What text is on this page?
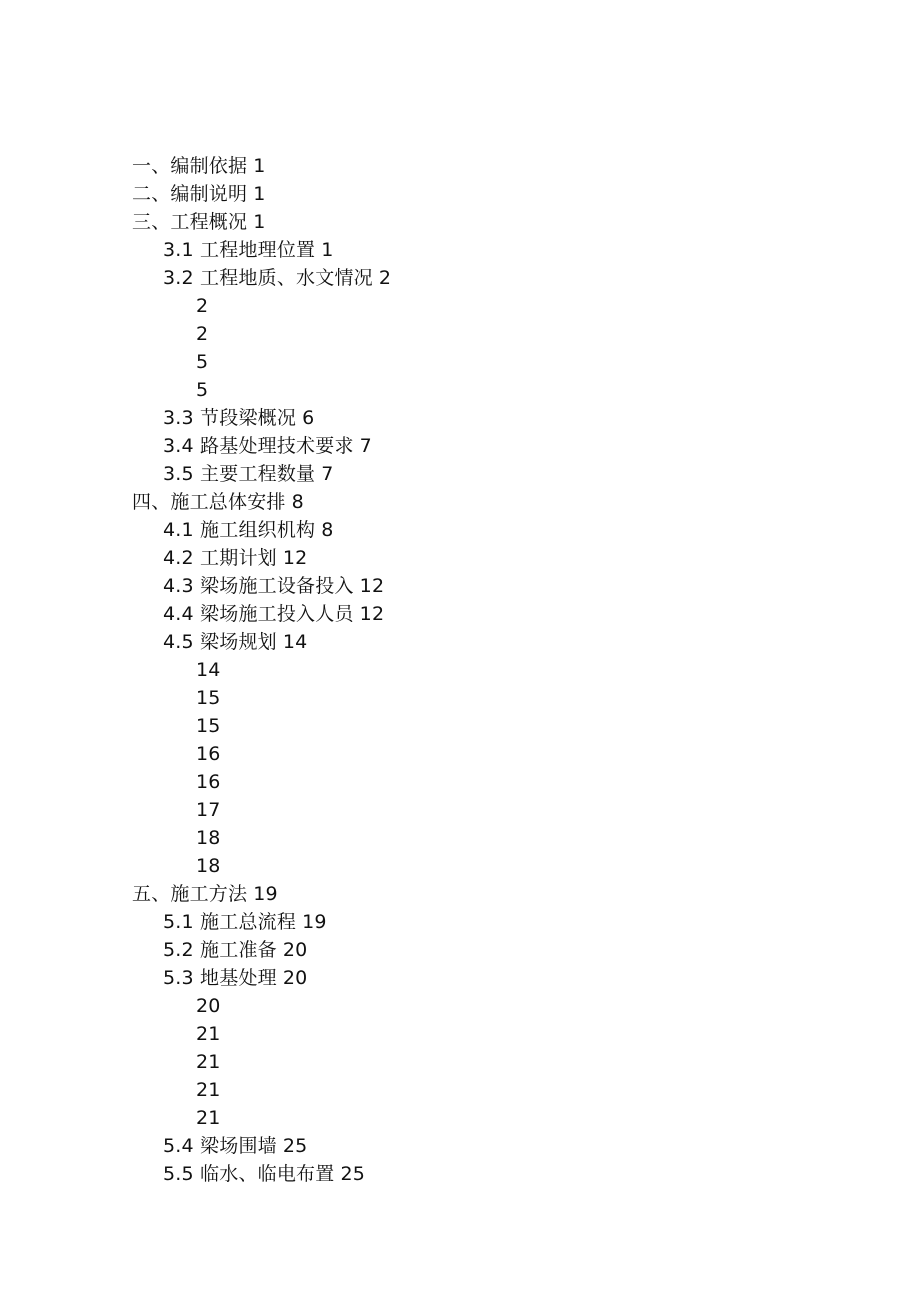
一、编制依据 1
二、编制说明 1
三、工程概况 1
3.1 工程地理位置 1
3.2 工程地质、水文情况 2
2
2
5
5
3.3 节段梁概况 6
3.4 路基处理技术要求 7
3.5 主要工程数量 7
四、施工总体安排 8
4.1 施工组织机构 8
4.2 工期计划 12
4.3 梁场施工设备投入 12
4.4 梁场施工投入人员 12
4.5 梁场规划 14
14
15
15
16
16
17
18
18
五、施工方法 19
5.1 施工总流程 19
5.2 施工准备 20
5.3 地基处理 20
20
21
21
21
21
5.4 梁场围墙 25
5.5 临水、临电布置 25
